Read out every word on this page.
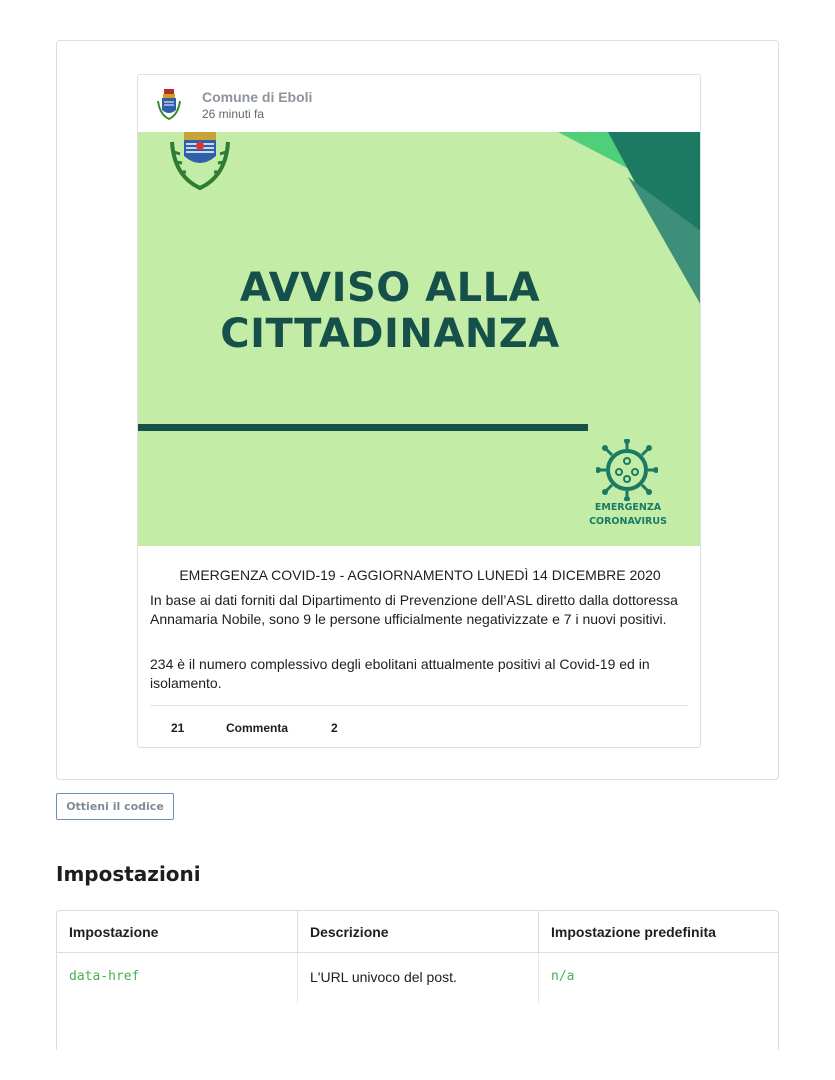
Comune di Eboli
26 minuti fa
AVVISO ALLA
CITTADINANZA
EMERGENZA
CORONAVIRUS
EMERGENZA COVID-19 - AGGIORNAMENTO LUNEDÌ 14 DICEMBRE 2020
In base ai dati forniti dal Dipartimento di Prevenzione dell’ASL diretto dalla dottoressa Annamaria Nobile, sono 9 le persone ufficialmente negativizzate e 7 i nuovi positivi.
234 è il numero complessivo degli ebolitani attualmente positivi al Covid-19 ed in isolamento.
21	Commenta	2
Ottieni il codice
Impostazioni
Impostazione	Descrizione	Impostazione predefinita
data-href	L'URL univoco del post.	n/a
